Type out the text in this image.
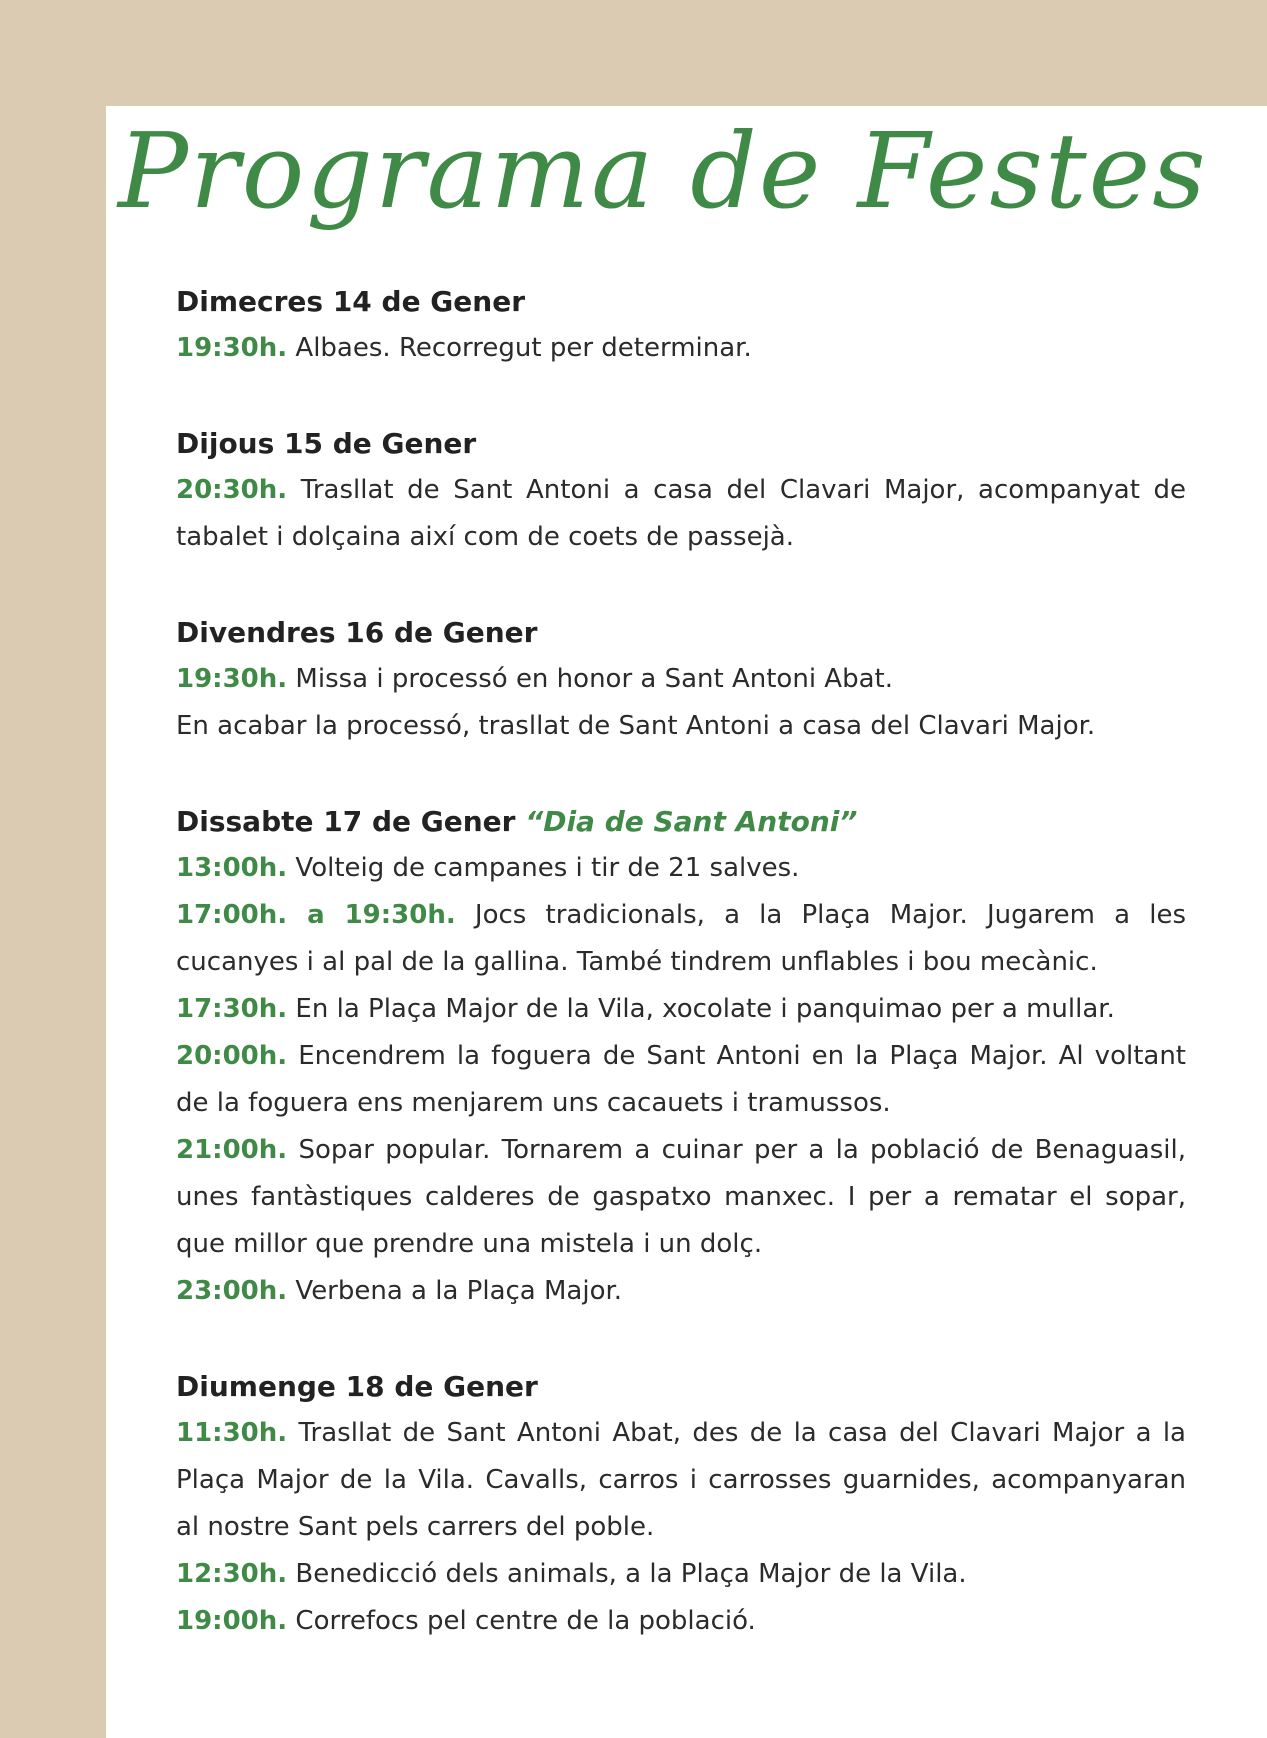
Programa de Festes

Dimecres 14 de Gener

19:30h. Albaes. Recorregut per determinar.

Dijous 15 de Gener

20:30h. Trasllat de Sant Antoni a casa del Clavari Major, acompanyat de tabalet i dolçaina així com de coets de passejà.

Divendres 16 de Gener

19:30h. Missa i processó en honor a Sant Antoni Abat.

En acabar la processó, trasllat de Sant Antoni a casa del Clavari Major.

Dissabte 17 de Gener “Dia de Sant Antoni”

13:00h. Volteig de campanes i tir de 21 salves.

17:00h. a 19:30h. Jocs tradicionals, a la Plaça Major. Jugarem a les cucanyes i al pal de la gallina. També tindrem unflables i bou mecànic.

17:30h. En la Plaça Major de la Vila, xocolate i panquimao per a mullar.

20:00h. Encendrem la foguera de Sant Antoni en la Plaça Major. Al voltant de la foguera ens menjarem uns cacauets i tramussos.

21:00h. Sopar popular. Tornarem a cuinar per a la població de Benaguasil, unes fantàstiques calderes de gaspatxo manxec. I per a rematar el sopar, que millor que prendre una mistela i un dolç.

23:00h. Verbena a la Plaça Major.

Diumenge 18 de Gener

11:30h. Trasllat de Sant Antoni Abat, des de la casa del Clavari Major a la Plaça Major de la Vila. Cavalls, carros i carrosses guarnides, acompanyaran al nostre Sant pels carrers del poble.

12:30h. Benedicció dels animals, a la Plaça Major de la Vila.

19:00h. Correfocs pel centre de la població.
